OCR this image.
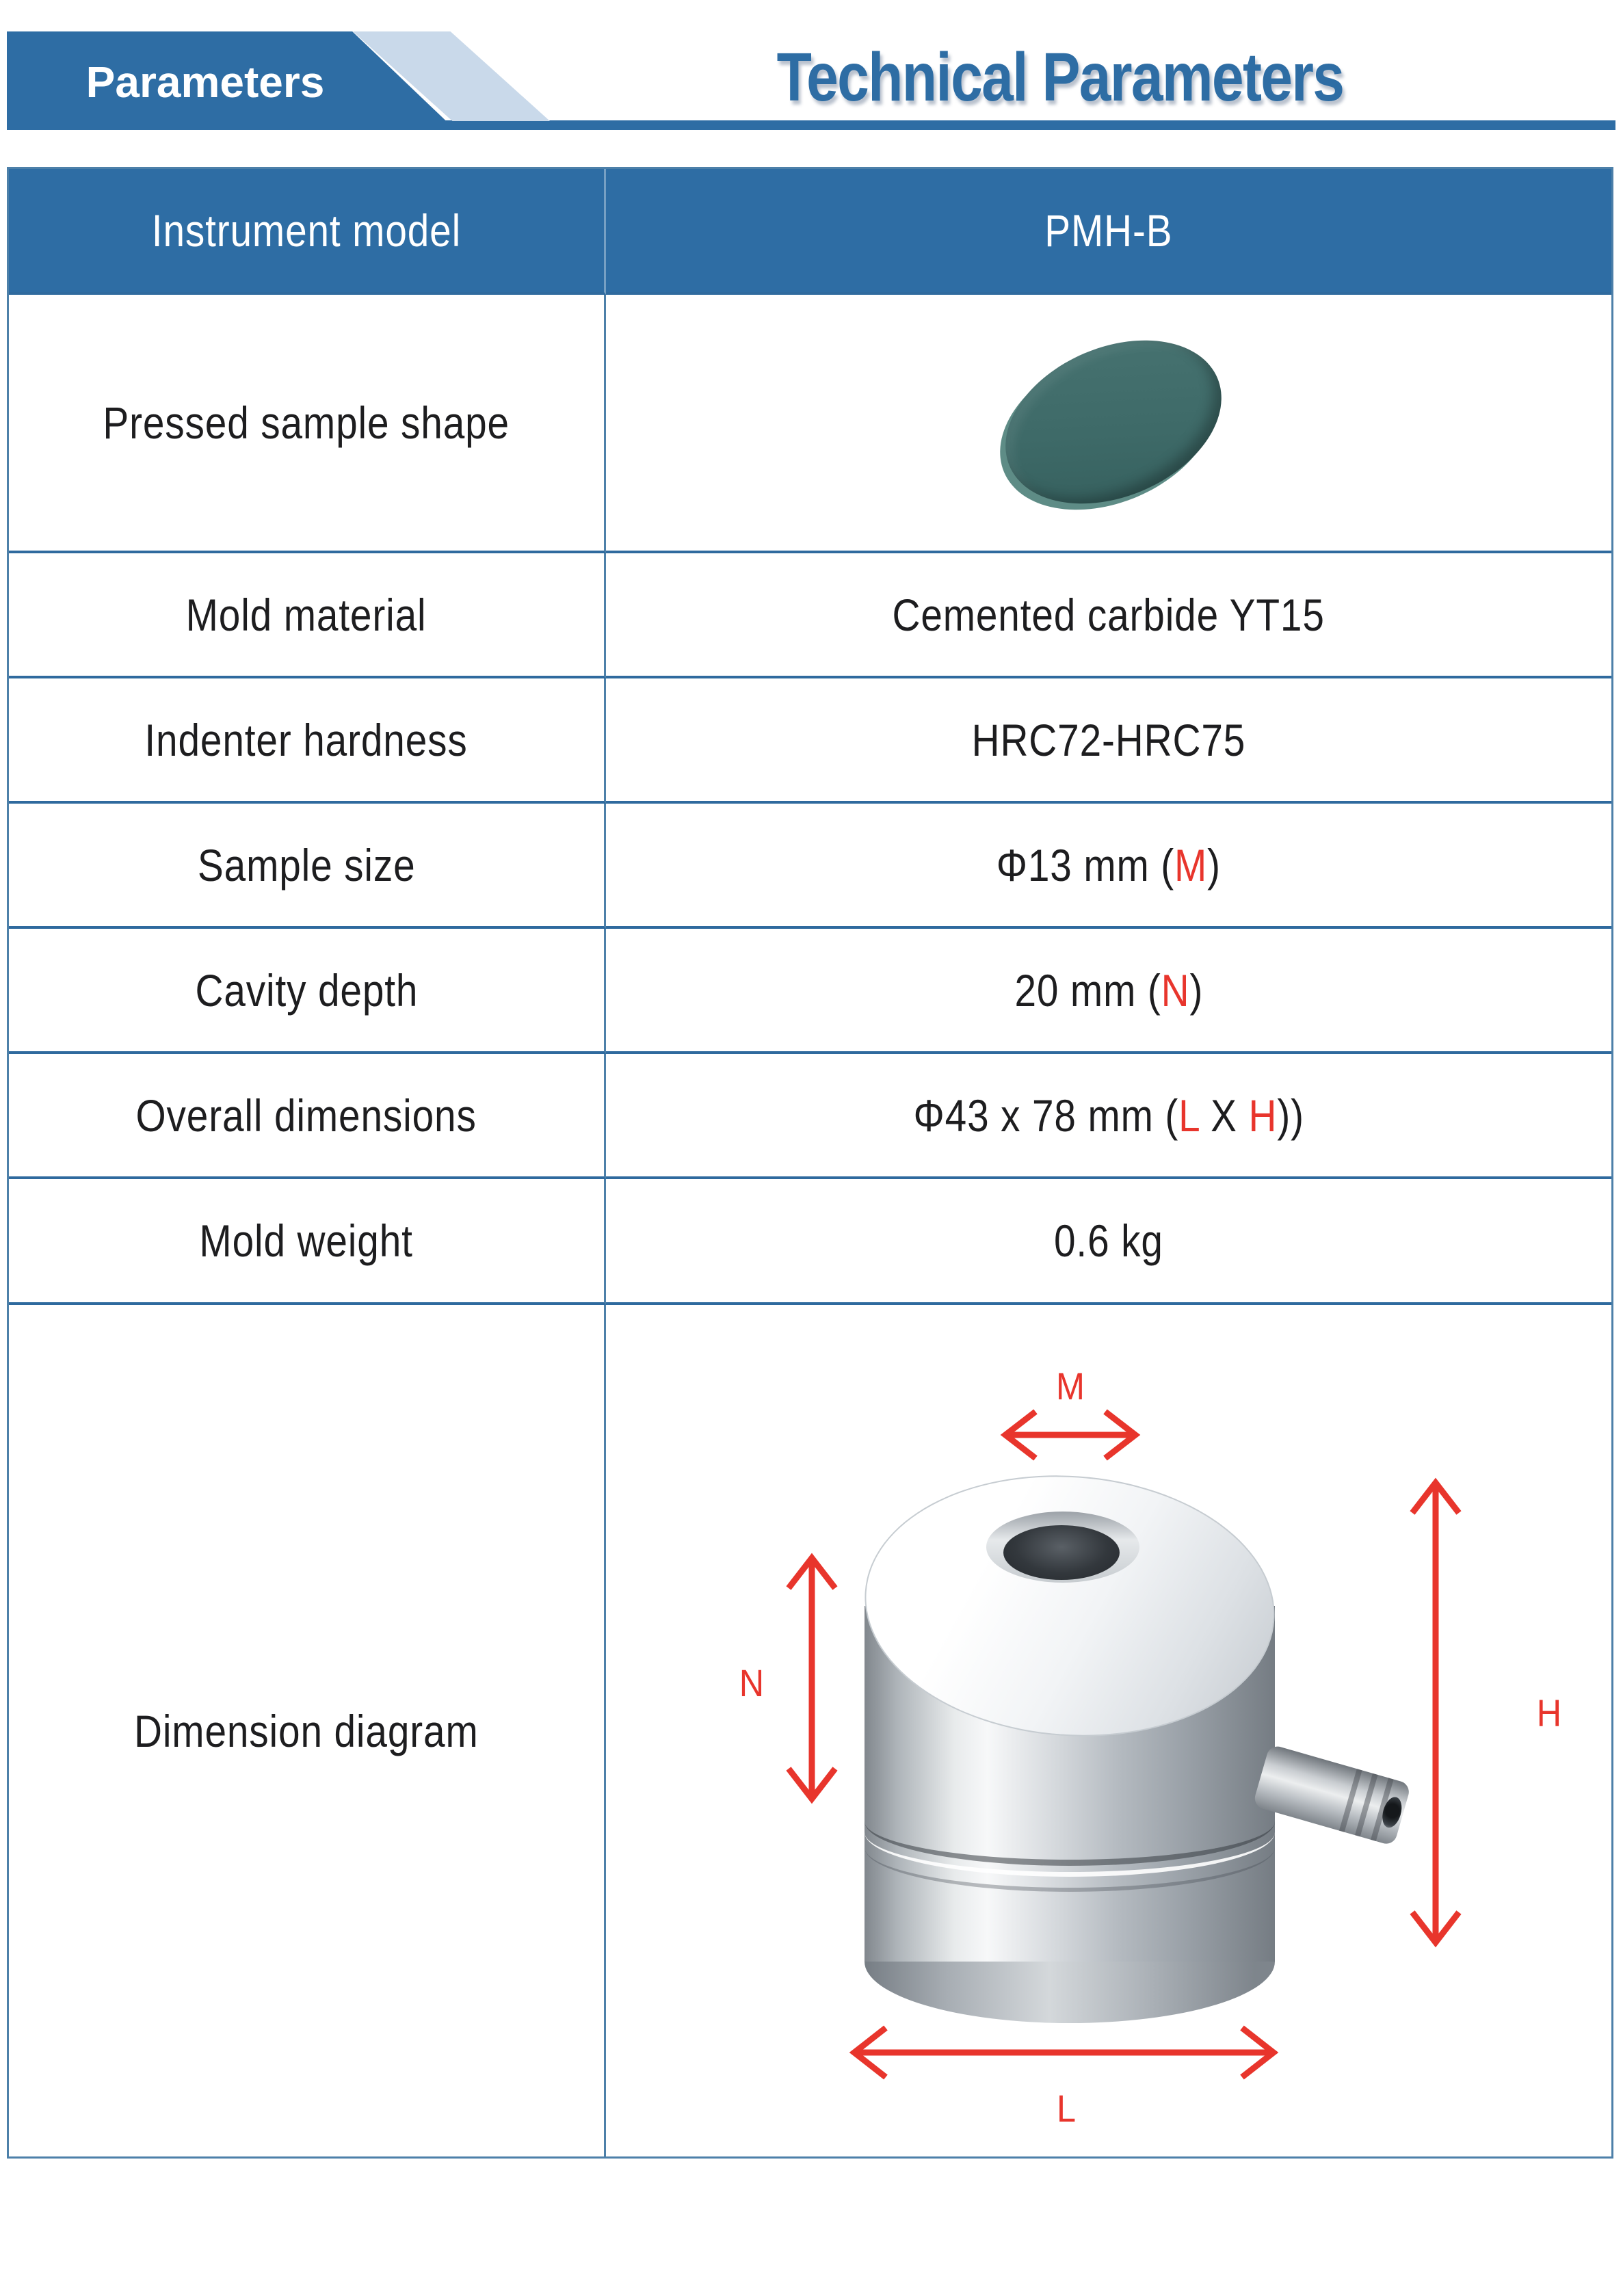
Parameters	Technical Parameters
Instrument model	PMH-B
Pressed sample shape
Mold material	Cemented carbide YT15
Indenter hardness	HRC72-HRC75
Sample size	Φ13 mm (M)
Cavity depth	20 mm (N)
Overall dimensions	Φ43 x 78 mm (L X H))
Mold weight	0.6 kg
Dimension diagram
M
N
H
L
